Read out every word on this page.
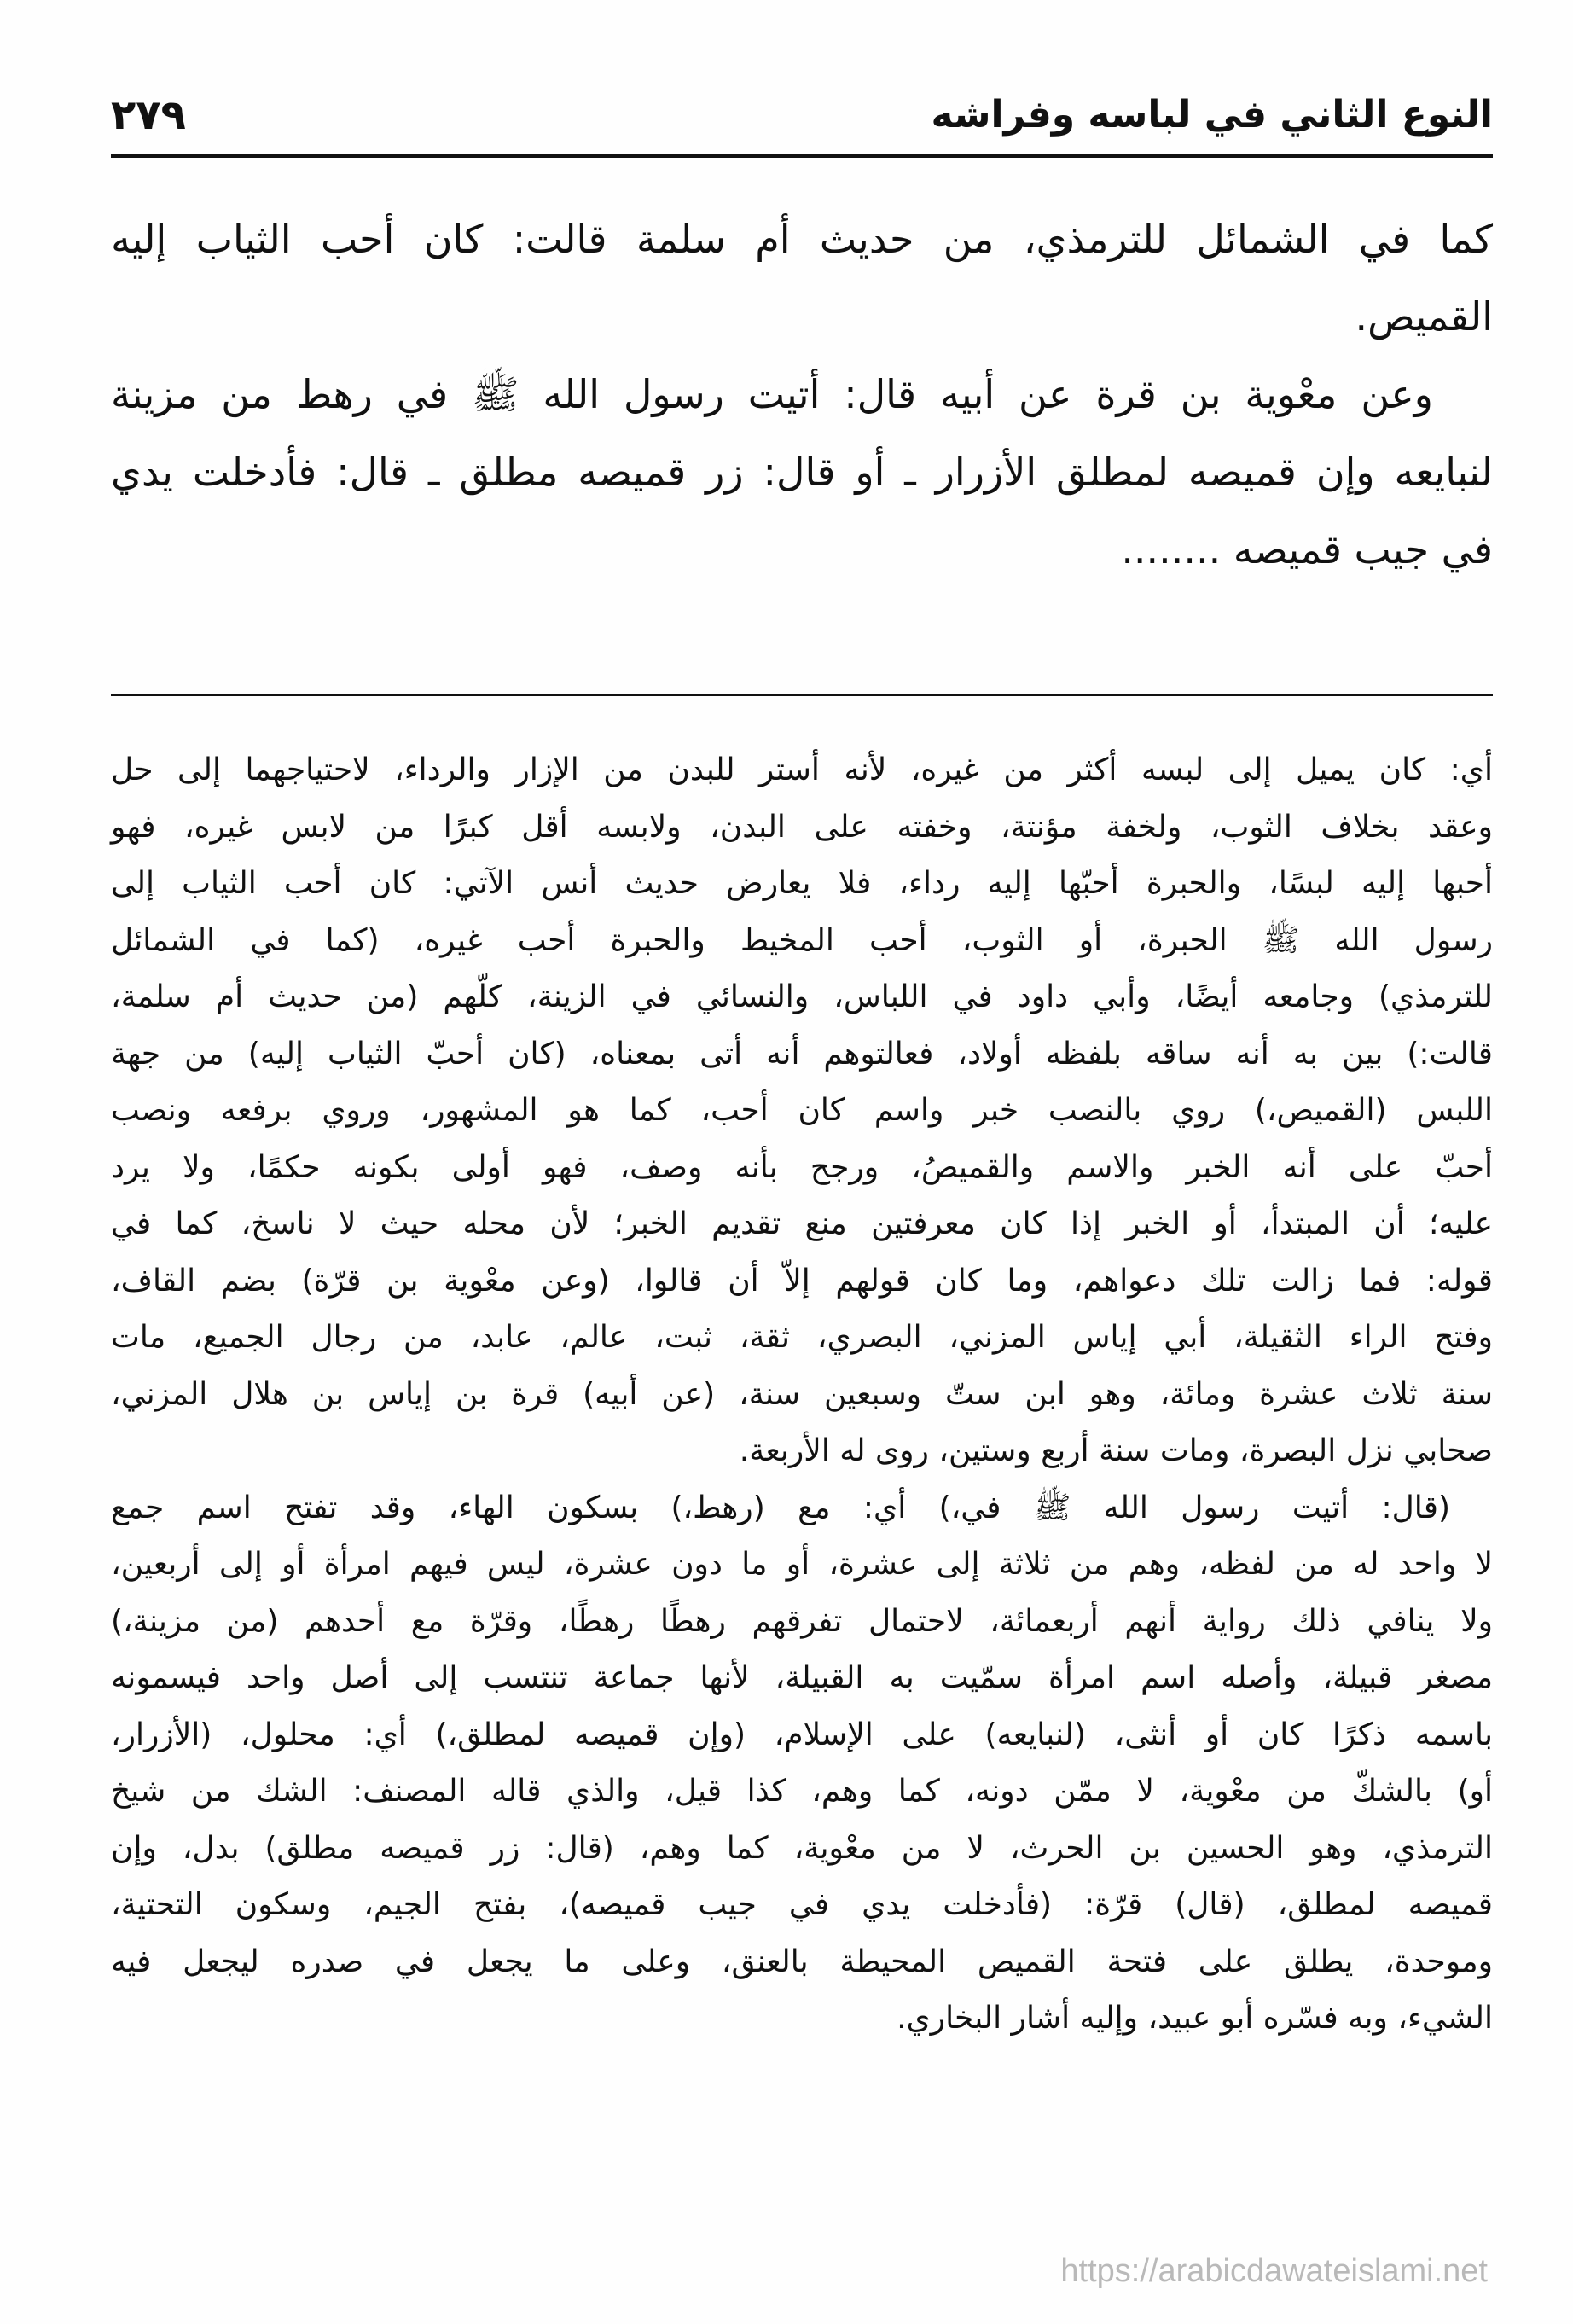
النوع الثاني في لباسه وفراشه
٢٧٩
كما في الشمائل للترمذي، من حديث أم سلمة قالت: كان أحب الثياب إليه
القميص.
وعن معْوية بن قرة عن أبيه قال: أتيت رسول الله ﷺ في رهط من مزينة
لنبايعه وإن قميصه لمطلق الأزرار ـ أو قال: زر قميصه مطلق ـ قال: فأدخلت يدي
في جيب قميصه ........
أي: كان يميل إلى لبسه أكثر من غيره، لأنه أستر للبدن من الإزار والرداء، لاحتياجهما إلى حل
وعقد بخلاف الثوب، ولخفة مؤنتة، وخفته على البدن، ولابسه أقل كبرًا من لابس غيره، فهو
أحبها إليه لبسًا، والحبرة أحبّها إليه رداء، فلا يعارض حديث أنس الآتي: كان أحب الثياب إلى
رسول الله ﷺ الحبرة، أو الثوب، أحب المخيط والحبرة أحب غيره، (كما في الشمائل
للترمذي) وجامعه أيضًا، وأبي داود في اللباس، والنسائي في الزينة، كلّهم (من حديث أم سلمة،
قالت:) بين به أنه ساقه بلفظه أولاد، فعالتوهم أنه أتى بمعناه، (كان أحبّ الثياب إليه) من جهة
اللبس (القميص،) روي بالنصب خبر واسم كان أحب، كما هو المشهور، وروي برفعه ونصب
أحبّ على أنه الخبر والاسم والقميصُ، ورجح بأنه وصف، فهو أولى بكونه حكمًا، ولا يرد
عليه؛ أن المبتدأ، أو الخبر إذا كان معرفتين منع تقديم الخبر؛ لأن محله حيث لا ناسخ، كما في
قوله: فما زالت تلك دعواهم، وما كان قولهم إلاّ أن قالوا، (وعن معْوية بن قرّة) بضم القاف،
وفتح الراء الثقيلة، أبي إياس المزني، البصري، ثقة، ثبت، عالم، عابد، من رجال الجميع، مات
سنة ثلاث عشرة ومائة، وهو ابن ستّ وسبعين سنة، (عن أبيه) قرة بن إياس بن هلال المزني،
صحابي نزل البصرة، ومات سنة أربع وستين، روى له الأربعة.
(قال: أتيت رسول الله ﷺ في،) أي: مع (رهط،) بسكون الهاء، وقد تفتح اسم جمع
لا واحد له من لفظه، وهم من ثلاثة إلى عشرة، أو ما دون عشرة، ليس فيهم امرأة أو إلى أربعين،
ولا ينافي ذلك رواية أنهم أربعمائة، لاحتمال تفرقهم رهطًا رهطًا، وقرّة مع أحدهم (من مزينة،)
مصغر قبيلة، وأصله اسم امرأة سمّيت به القبيلة، لأنها جماعة تنتسب إلى أصل واحد فيسمونه
باسمه ذكرًا كان أو أنثى، (لنبايعه) على الإسلام، (وإن قميصه لمطلق،) أي: محلول، (الأزرار،
أو) بالشكّ من معْوية، لا ممّن دونه، كما وهم، كذا قيل، والذي قاله المصنف: الشك من شيخ
الترمذي، وهو الحسين بن الحرث، لا من معْوية، كما وهم، (قال: زر قميصه مطلق) بدل، وإن
قميصه لمطلق، (قال) قرّة: (فأدخلت يدي في جيب قميصه)، بفتح الجيم، وسكون التحتية،
وموحدة، يطلق على فتحة القميص المحيطة بالعنق، وعلى ما يجعل في صدره ليجعل فيه
الشيء، وبه فسّره أبو عبيد، وإليه أشار البخاري.
https://arabicdawateislami.net
